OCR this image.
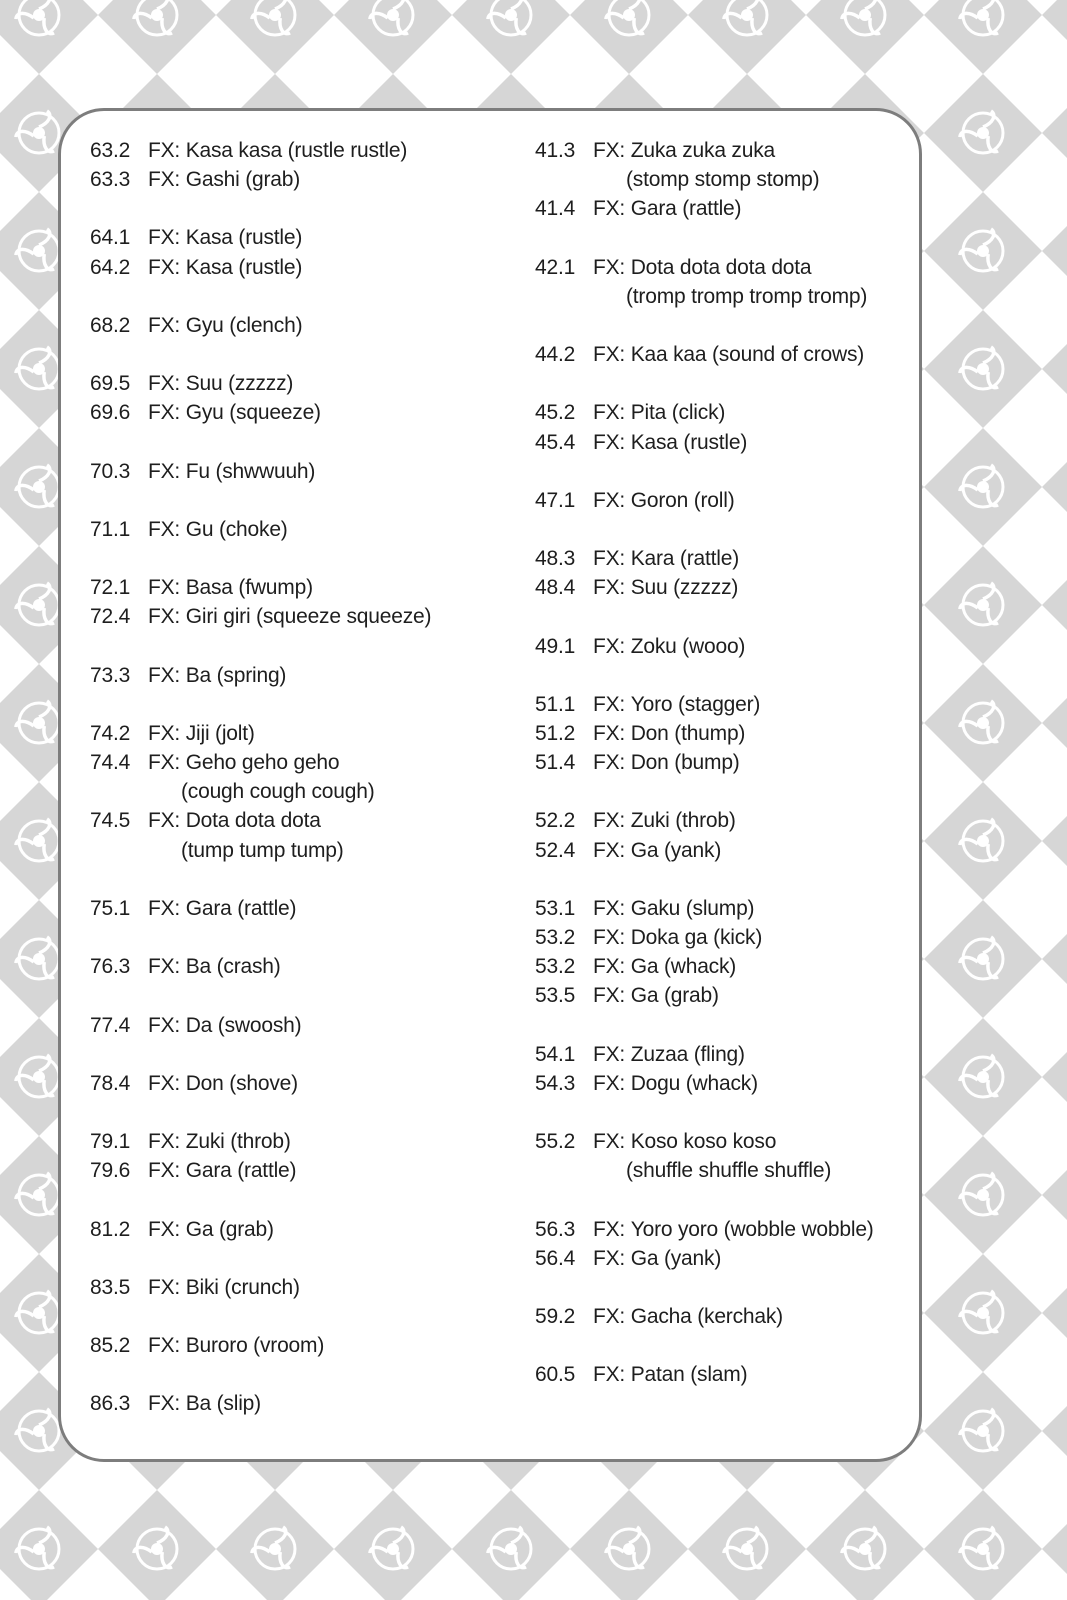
63.2 FX:
Kasa kasa (rustle rustle)
63.3 FX:
Gashi (grab)
64.1 FX:
Kasa (rustle)
64.2 FX:
Kasa (rustle)
68.2 FX:
Gyu (clench)
69.5 FX:
Suu (zzzzz)
69.6 FX:
Gyu (squeeze)
70.3 FX:
Fu (shwwuuh)
71.1 FX:
Gu (choke)
72.1 FX:
Basa (fwump)
72.4 FX:
Giri giri (squeeze squeeze)
73.3 FX:
Ba (spring)
74.2 FX:
Jiji (jolt)
74.4 FX:
Geho geho geho
(cough cough cough)
74.5 FX:
Dota dota dota
(tump tump tump)
75.1 FX:
Gara (rattle)
76.3 FX:
Ba (crash)
77.4 FX:
Da (swoosh)
78.4 FX:
Don (shove)
79.1 FX:
Zuki (throb)
79.6 FX:
Gara (rattle)
81.2 FX:
Ga (grab)
83.5 FX:
Biki (crunch)
85.2 FX:
Buroro (vroom)
86.3 FX:
Ba (slip)
41.3 FX:
Zuka zuka zuka
(stomp stomp stomp)
41.4 FX:
Gara (rattle)
42.1 FX:
Dota dota dota dota
(tromp tromp tromp tromp)
44.2 FX:
Kaa kaa (sound of crows)
45.2 FX:
Pita (click)
45.4 FX:
Kasa (rustle)
47.1 FX:
Goron (roll)
48.3 FX:
Kara (rattle)
48.4 FX:
Suu (zzzzz)
49.1 FX:
Zoku (wooo)
51.1 FX:
Yoro (stagger)
51.2 FX:
Don (thump)
51.4 FX:
Don (bump)
52.2 FX:
Zuki (throb)
52.4 FX:
Ga (yank)
53.1 FX:
Gaku (slump)
53.2 FX:
Doka ga (kick)
53.2 FX:
Ga (whack)
53.5 FX:
Ga (grab)
54.1 FX:
Zuzaa (fling)
54.3 FX:
Dogu (whack)
55.2 FX:
Koso koso koso
(shuffle shuffle shuffle)
56.3 FX:
Yoro yoro (wobble wobble)
56.4 FX:
Ga (yank)
59.2 FX:
Gacha (kerchak)
60.5 FX:
Patan (slam)
